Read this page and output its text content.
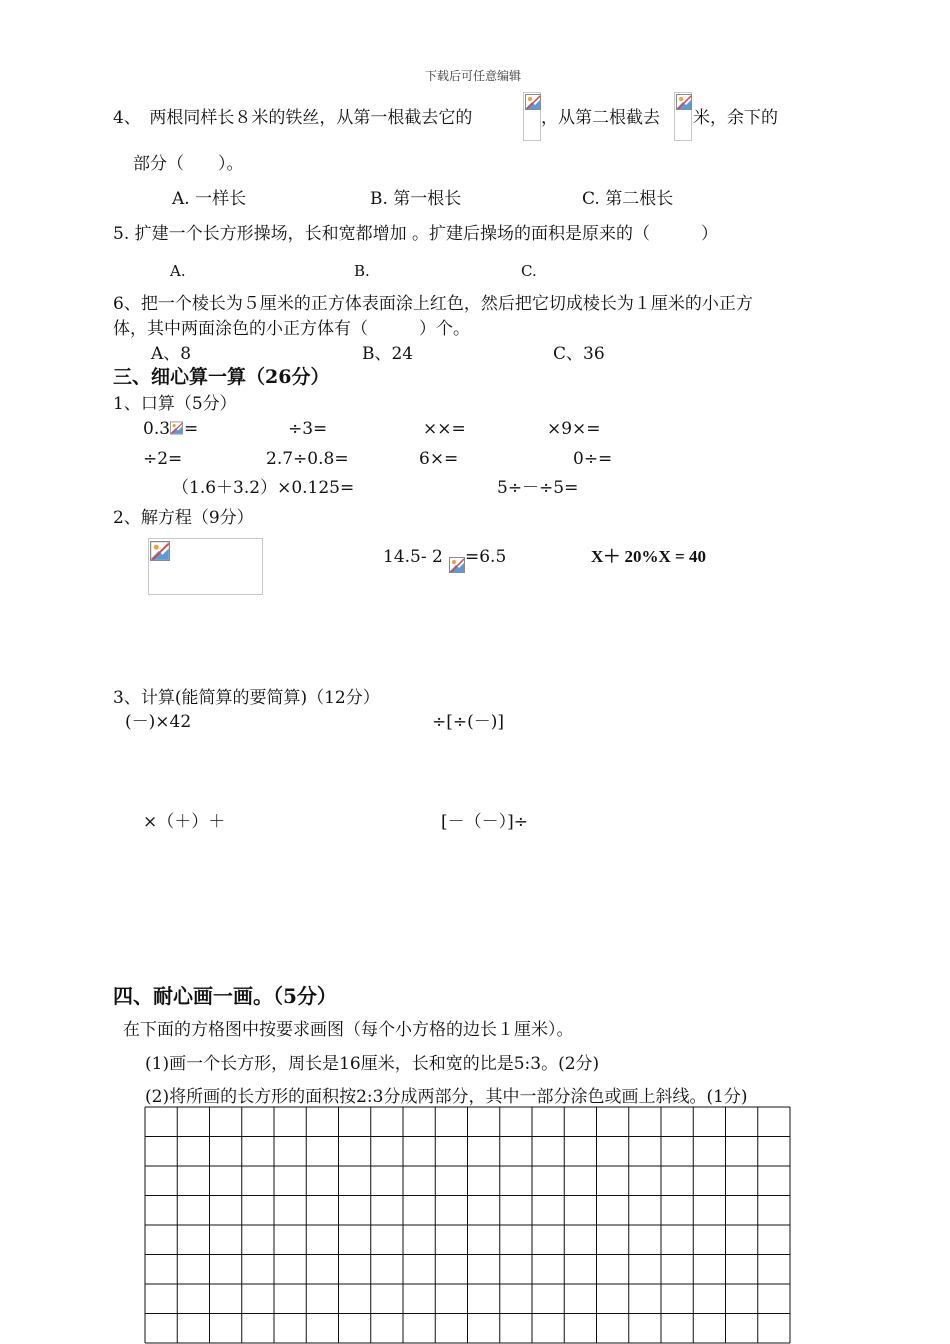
下载后可任意编辑
4、　两根同样长８米的铁丝，从第一根截去它的	，从第二根截去 米，余下的
部分（　　）。
A. 一样长	B. 第一根长	C. 第二根长
5. 扩建一个长方形操场，长和宽都增加 。扩建后操场的面积是原来的（　　　）
A.	B.	C.
6、把一个棱长为５厘米的正方体表面涂上红色，然后把它切成棱长为１厘米的小正方
体，其中两面涂色的小正方体有（　　　）个。
A、8	B、24	C、36
三、细心算一算（26分）
1、口算（5分）
0.3 =	÷3=	××=	×9×=
÷2=	2.7÷0.8=	6×=	0÷=
（1.6＋3.2）×0.125=	5÷－÷5=
2、解方程（9分）
14.5- 2 =6.5	X＋ 20%X = 40
3、计算(能简算的要简算)（12分）
(－)×42	÷[÷(－)]
×（＋）＋	[－（－）]÷
四、耐心画一画。（5分）
在下面的方格图中按要求画图（每个小方格的边长１厘米）。
(1)画一个长方形，周长是16厘米，长和宽的比是5:3。(2分)
(2)将所画的长方形的面积按2:3分成两部分，其中一部分涂色或画上斜线。(1分)
